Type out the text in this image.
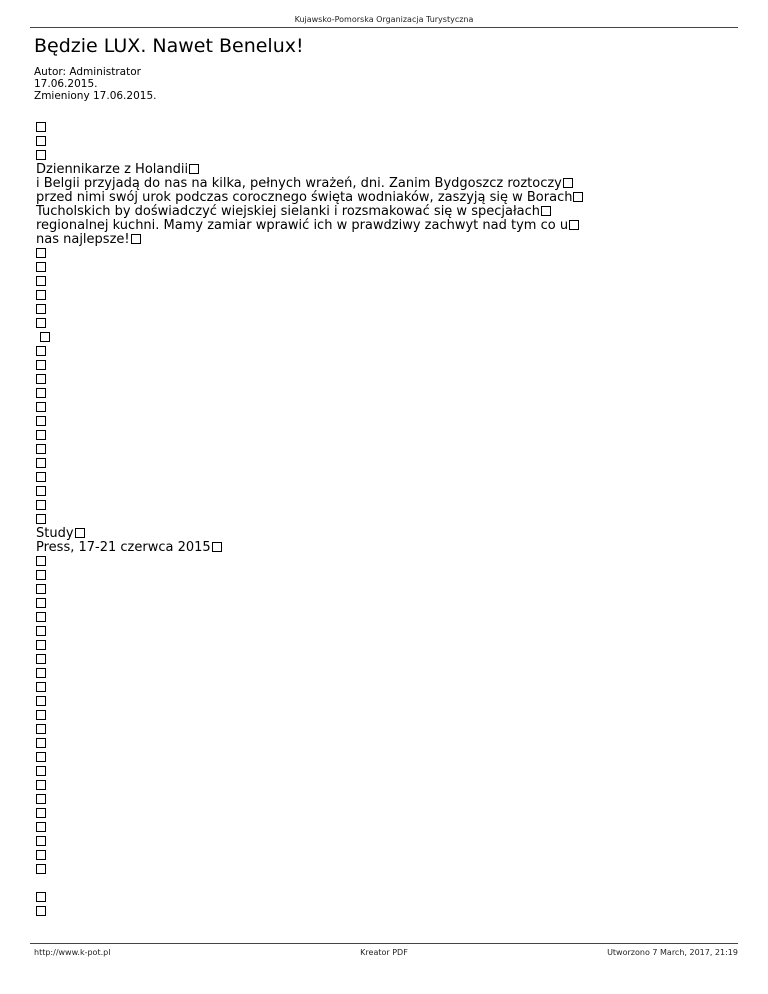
Kujawsko-Pomorska Organizacja Turystyczna
Będzie LUX. Nawet Benelux!
Autor: Administrator
17.06.2015.
Zmieniony 17.06.2015.
Dziennikarze z Holandii
i Belgii przyjadą do nas na kilka, pełnych wrażeń, dni. Zanim Bydgoszcz roztoczy
przed nimi swój urok podczas corocznego święta wodniaków, zaszyją się w Borach
Tucholskich by doświadczyć wiejskiej sielanki i rozsmakować się w specjałach
regionalnej kuchni. Mamy zamiar wprawić ich w prawdziwy zachwyt nad tym co u
nas najlepsze!
Study
Press, 17-21 czerwca 2015
http://www.k-pot.pl	Kreator PDF	Utworzono 7 March, 2017, 21:19
